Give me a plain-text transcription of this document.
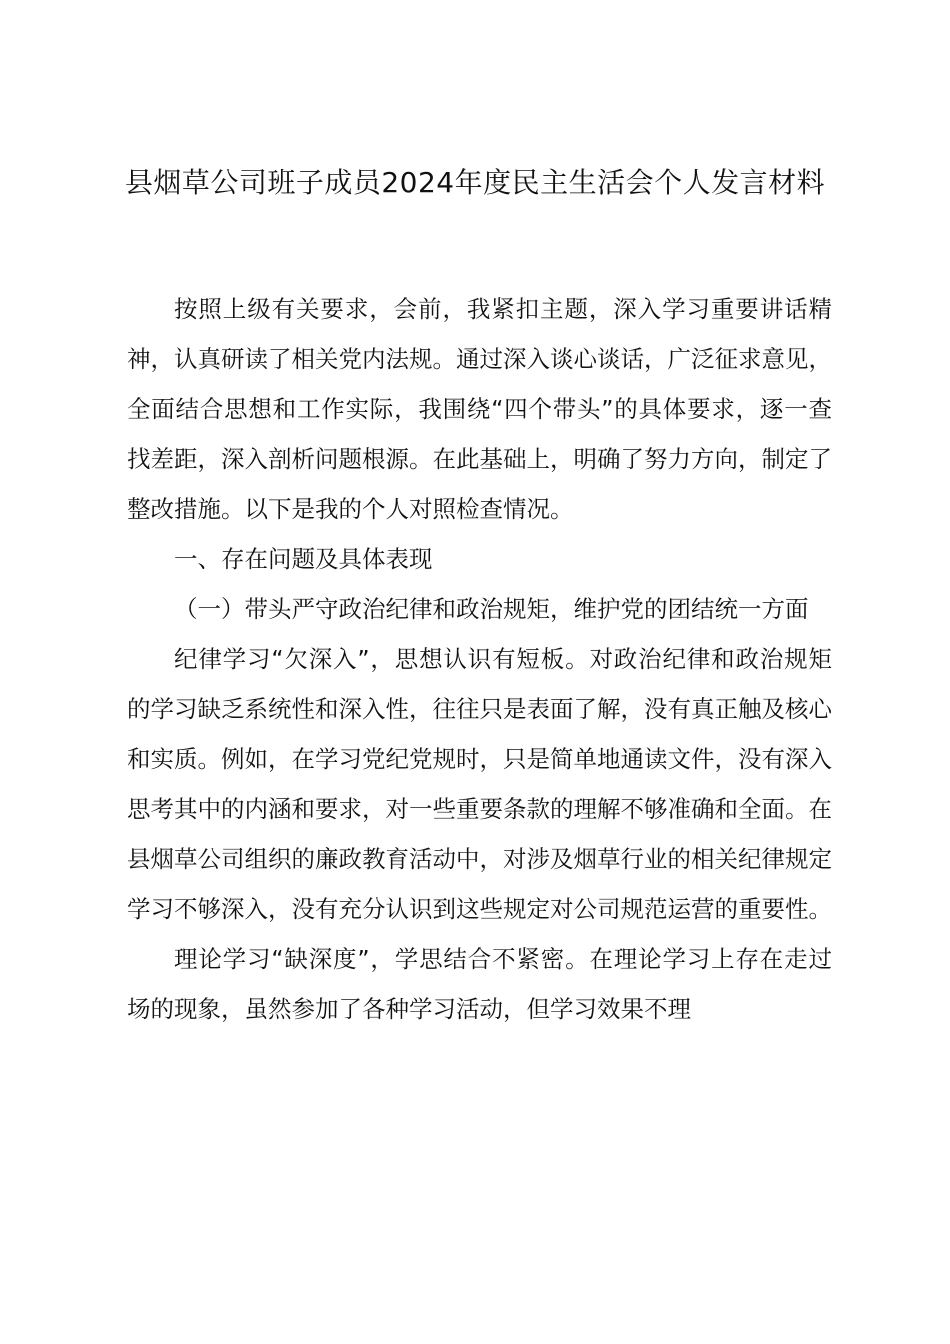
县烟草公司班子成员2024年度民主生活会个人发言材料

按照上级有关要求，会前，我紧扣主题，深入学习重要讲话精神，认真研读了相关党内法规。通过深入谈心谈话，广泛征求意见，全面结合思想和工作实际，我围绕“四个带头”的具体要求，逐一查找差距，深入剖析问题根源。在此基础上，明确了努力方向，制定了整改措施。以下是我的个人对照检查情况。

一、存在问题及具体表现

（一）带头严守政治纪律和政治规矩，维护党的团结统一方面

纪律学习“欠深入”，思想认识有短板。对政治纪律和政治规矩的学习缺乏系统性和深入性，往往只是表面了解，没有真正触及核心和实质。例如，在学习党纪党规时，只是简单地通读文件，没有深入思考其中的内涵和要求，对一些重要条款的理解不够准确和全面。在县烟草公司组织的廉政教育活动中，对涉及烟草行业的相关纪律规定学习不够深入，没有充分认识到这些规定对公司规范运营的重要性。

理论学习“缺深度”，学思结合不紧密。在理论学习上存在走过场的现象，虽然参加了各种学习活动，但学习效果不理
